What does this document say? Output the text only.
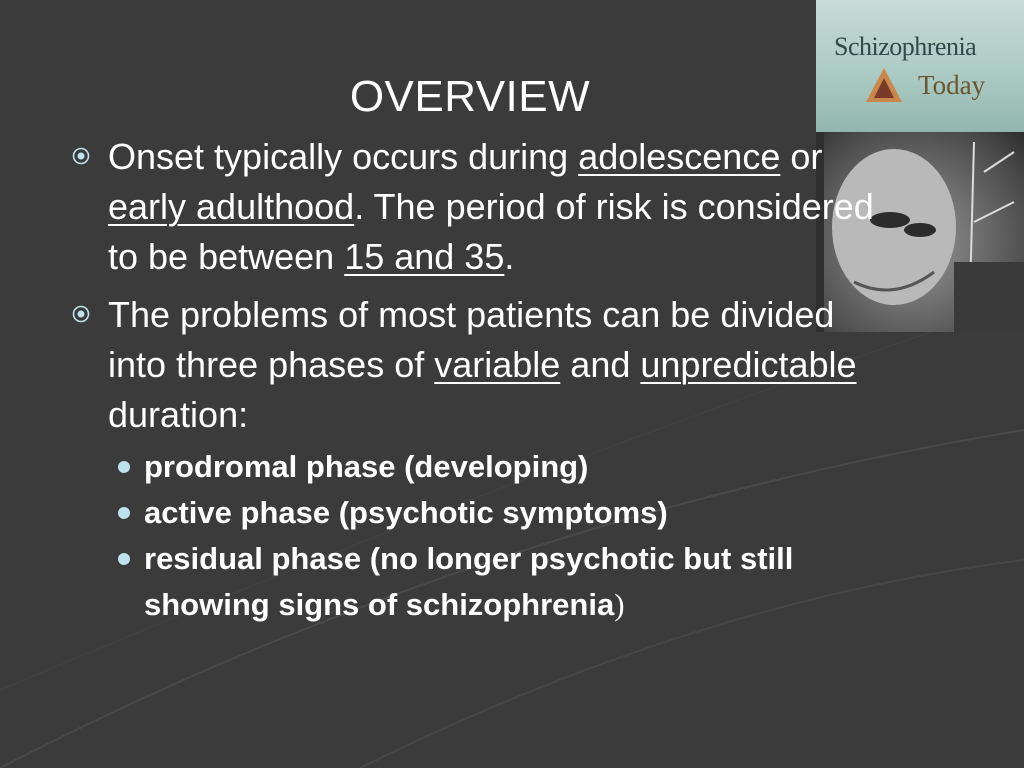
OVERVIEW
Schizophrenia
Today
Onset typically occurs during adolescence or early adulthood. The period of risk is considered to be between 15 and 35.
The problems of most patients can be divided into three phases of variable and unpredictable duration:
prodromal phase (developing)
active phase (psychotic symptoms)
residual phase (no longer psychotic but still showing signs of schizophrenia)
